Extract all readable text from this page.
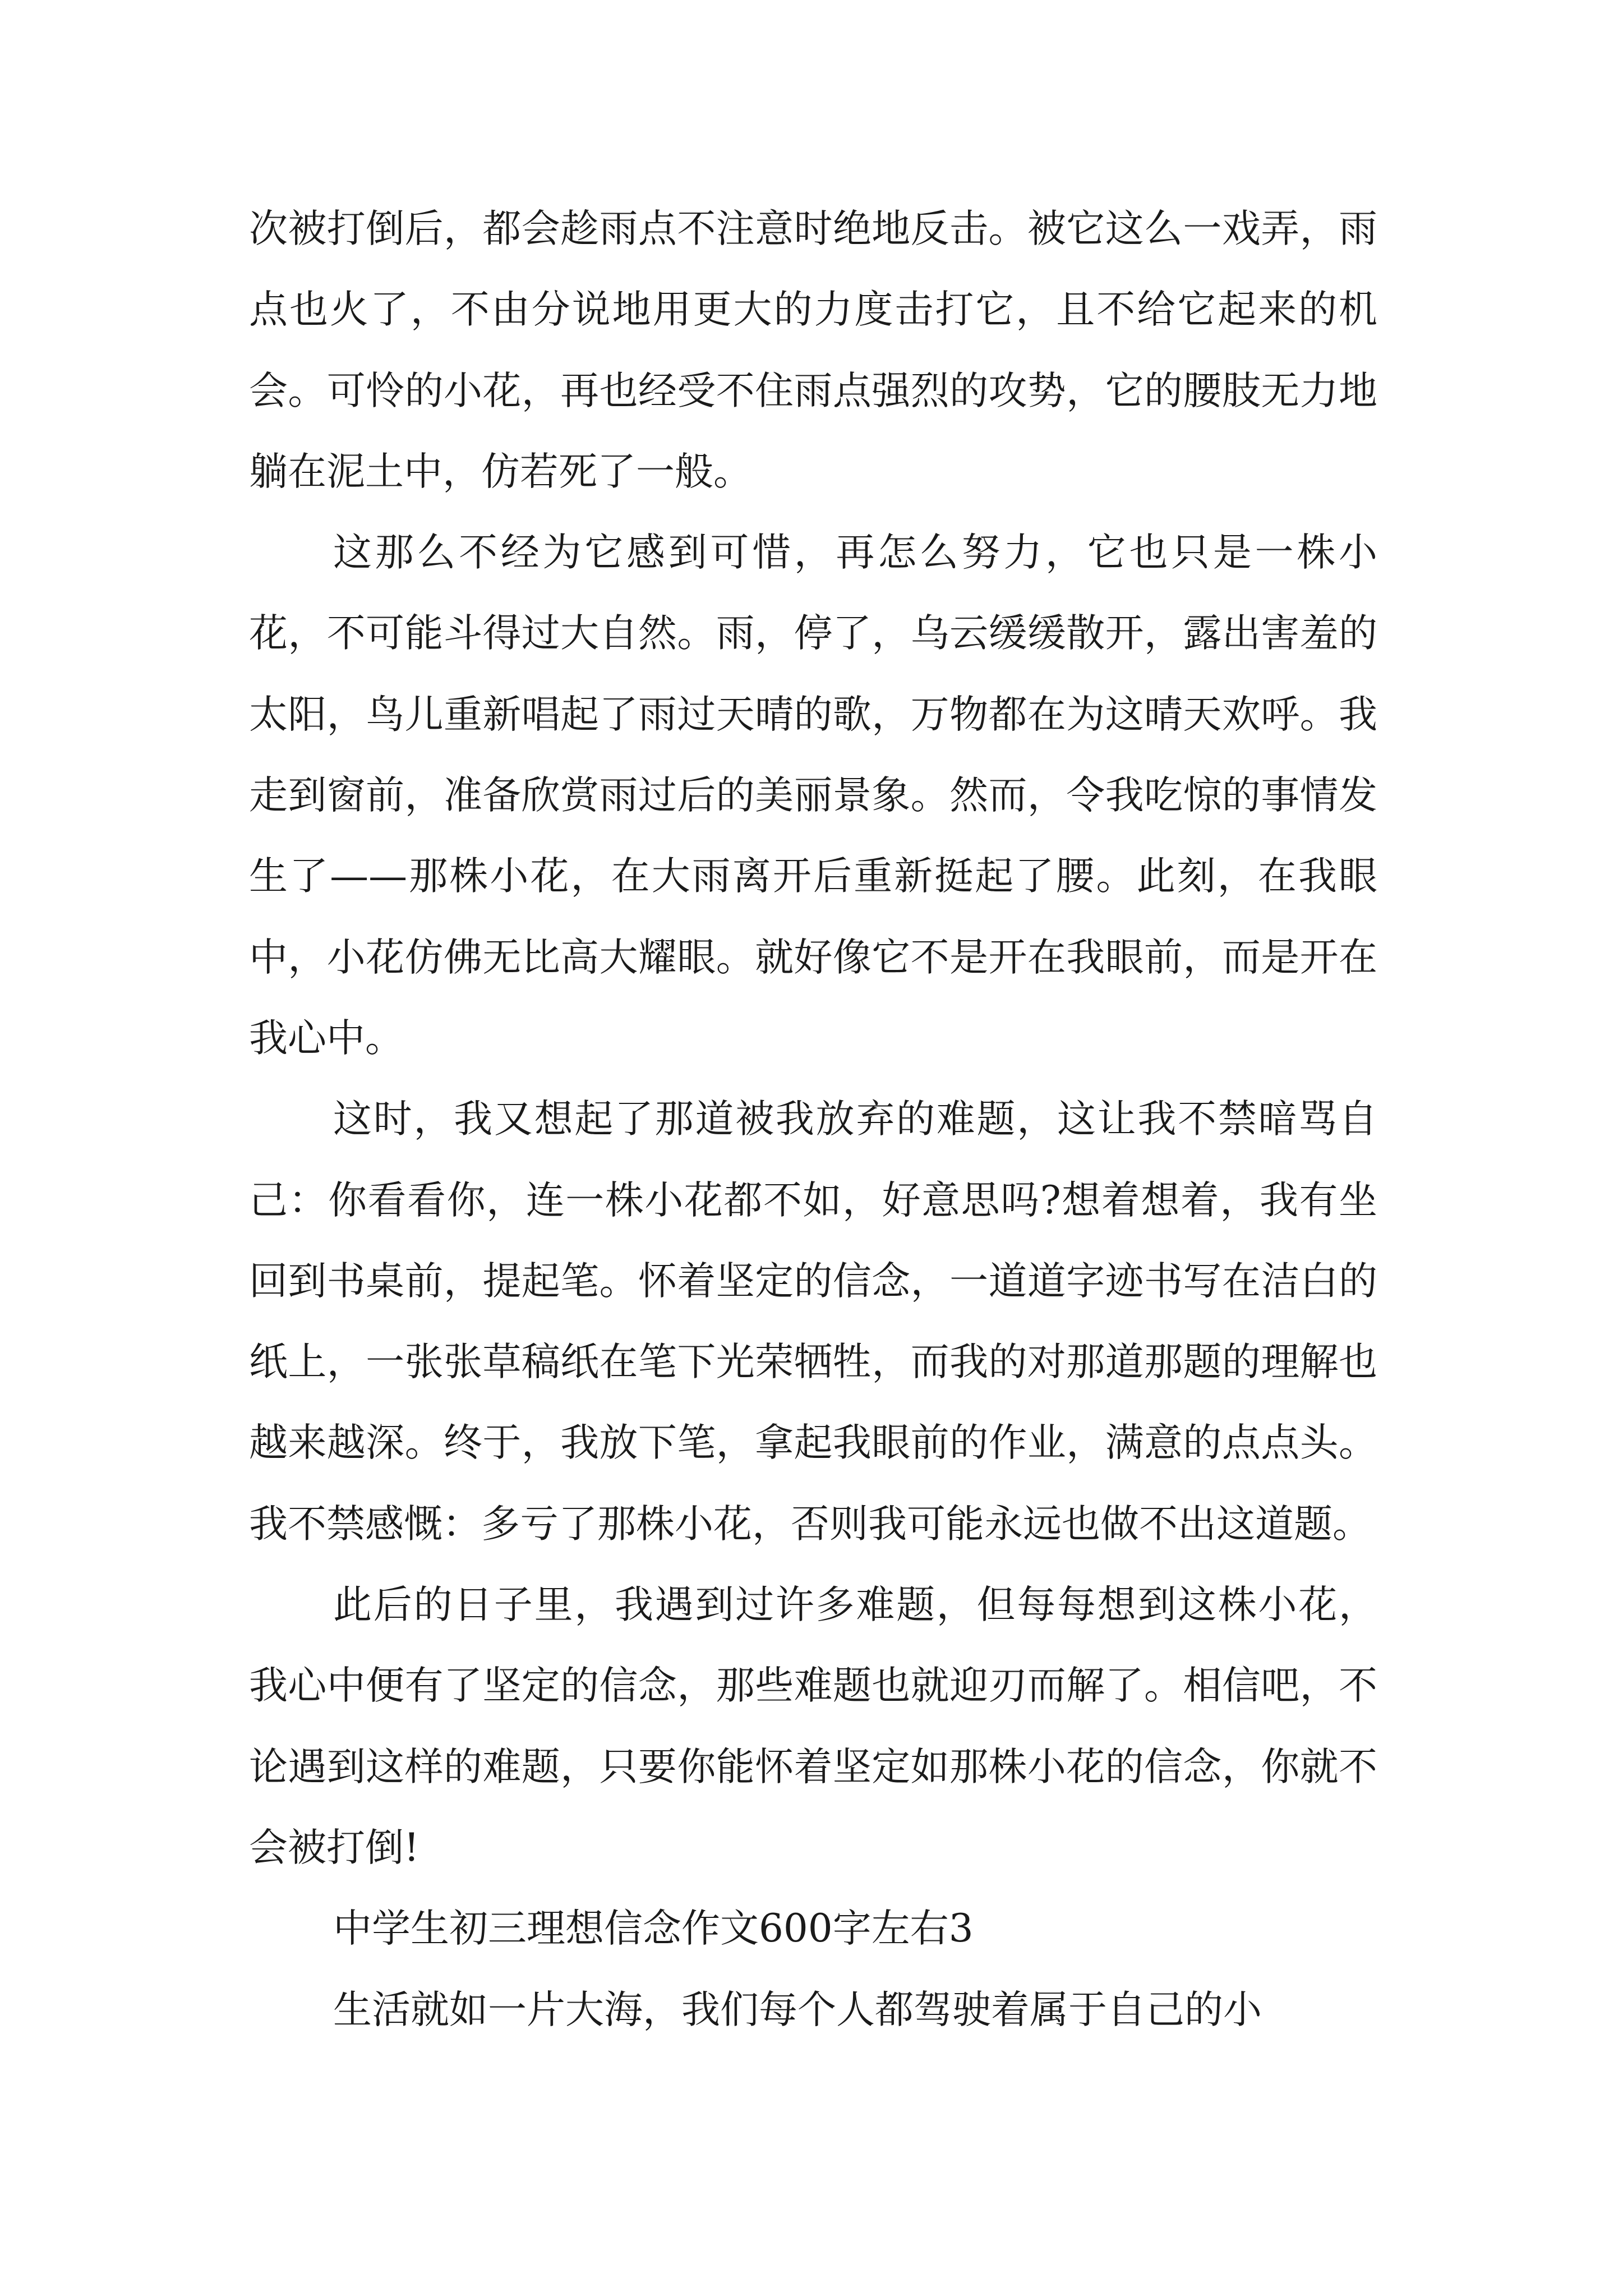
次被打倒后，都会趁雨点不注意时绝地反击。被它这么一戏弄，雨点也火了，不由分说地用更大的力度击打它，且不给它起来的机会。可怜的小花，再也经受不住雨点强烈的攻势，它的腰肢无力地躺在泥土中，仿若死了一般。

这那么不经为它感到可惜，再怎么努力，它也只是一株小花，不可能斗得过大自然。雨，停了，乌云缓缓散开，露出害羞的太阳，鸟儿重新唱起了雨过天晴的歌，万物都在为这晴天欢呼。我走到窗前，准备欣赏雨过后的美丽景象。然而，令我吃惊的事情发生了——那株小花，在大雨离开后重新挺起了腰。此刻，在我眼中，小花仿佛无比高大耀眼。就好像它不是开在我眼前，而是开在我心中。

这时，我又想起了那道被我放弃的难题，这让我不禁暗骂自己：你看看你，连一株小花都不如，好意思吗?想着想着，我有坐回到书桌前，提起笔。怀着坚定的信念，一道道字迹书写在洁白的纸上，一张张草稿纸在笔下光荣牺牲，而我的对那道那题的理解也越来越深。终于，我放下笔，拿起我眼前的作业，满意的点点头。我不禁感慨：多亏了那株小花，否则我可能永远也做不出这道题。

此后的日子里，我遇到过许多难题，但每每想到这株小花，我心中便有了坚定的信念，那些难题也就迎刃而解了。相信吧，不论遇到这样的难题，只要你能怀着坚定如那株小花的信念，你就不会被打倒!

中学生初三理想信念作文600字左右3

生活就如一片大海，我们每个人都驾驶着属于自己的小
